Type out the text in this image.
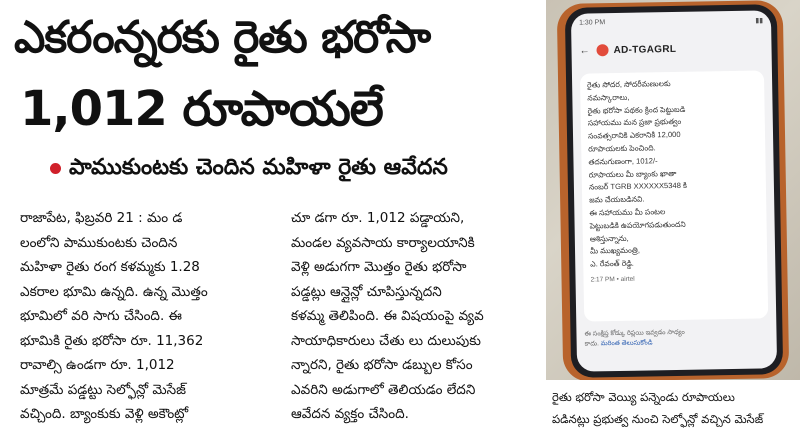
ఎకరంన్నరకు రైతు భరోసా
1,012 రూపాయలే
పాముకుంటకు చెందిన మహిళా రైతు ఆవేదన

రాజాపేట, ఫిబ్రవరి 21 : మం డ

లంలోని పాముకుంటకు చెందిన

మహిళా రైతు రంగ కళమ్మకు 1.28

ఎకరాల భూమి ఉన్నది. ఉన్న మొత్తం

భూమిలో వరి సాగు చేసింది. ఈ

భూమికి రైతు భరోసా రూ. 11,362

రావాల్సి ఉండగా రూ. 1,012

మాత్రమే పడ్డట్టు సెల్ఫోన్లో మెసేజ్

వచ్చింది. బ్యాంకుకు వెళ్లి అకౌంట్లో

చూ డగా రూ. 1,012 పడ్డాయని,

మండల వ్యవసాయ కార్యాలయానికి

వెళ్లి అడుగగా మొత్తం రైతు భరోసా

పడ్డట్లు ఆన్లైన్లో చూపిస్తున్నదని

కళమ్మ తెలిపింది. ఈ విషయంపై వ్యవ

సాయాధికారులు చేతు లు దులుపుకు

న్నారని, రైతు భరోసా డబ్బుల కోసం

ఎవరిని అడుగాలో తెలియడం లేదని

ఆవేదన వ్యక్తం చేసింది.

1:30 PM	▮▮
← AD-TGAGRL

రైతు సోదర, సోదరీమణులకు

నమస్కారాలు,

రైతు భరోసా పథకం క్రింద పెట్టుబడి

సహాయము మన ప్రజా ప్రభుత్వం

సంవత్సరానికి ఎకరానికి 12,000

రూపాయలకు పెంచింది.

తదనుగుణంగా, 1012/-

రూపాయలు మీ బ్యాంకు ఖాతా

నంబర్ TGRB XXXXXX5348 కి

జమ చేయబడినవి.

ఈ సహాయము మీ పంటల

పెట్టుబడికి ఉపయోగపడుతుందని

ఆశిస్తున్నాను,

మీ ముఖ్యమంత్రి,

ఎ. రేవంత్ రెడ్డి.

2:17 PM • airtel
ఈ సంక్షిప్త కోడ్కు రిప్లయి ఇవ్వడం సాధ్యం
కాదు. మరింత తెలుసుకోండి
రైతు భరోసా వెయ్యి పన్నెండు రూపాయలు
పడినట్లు ప్రభుత్వ నుంచి సెల్ఫోన్లో వచ్చిన మెసేజ్
